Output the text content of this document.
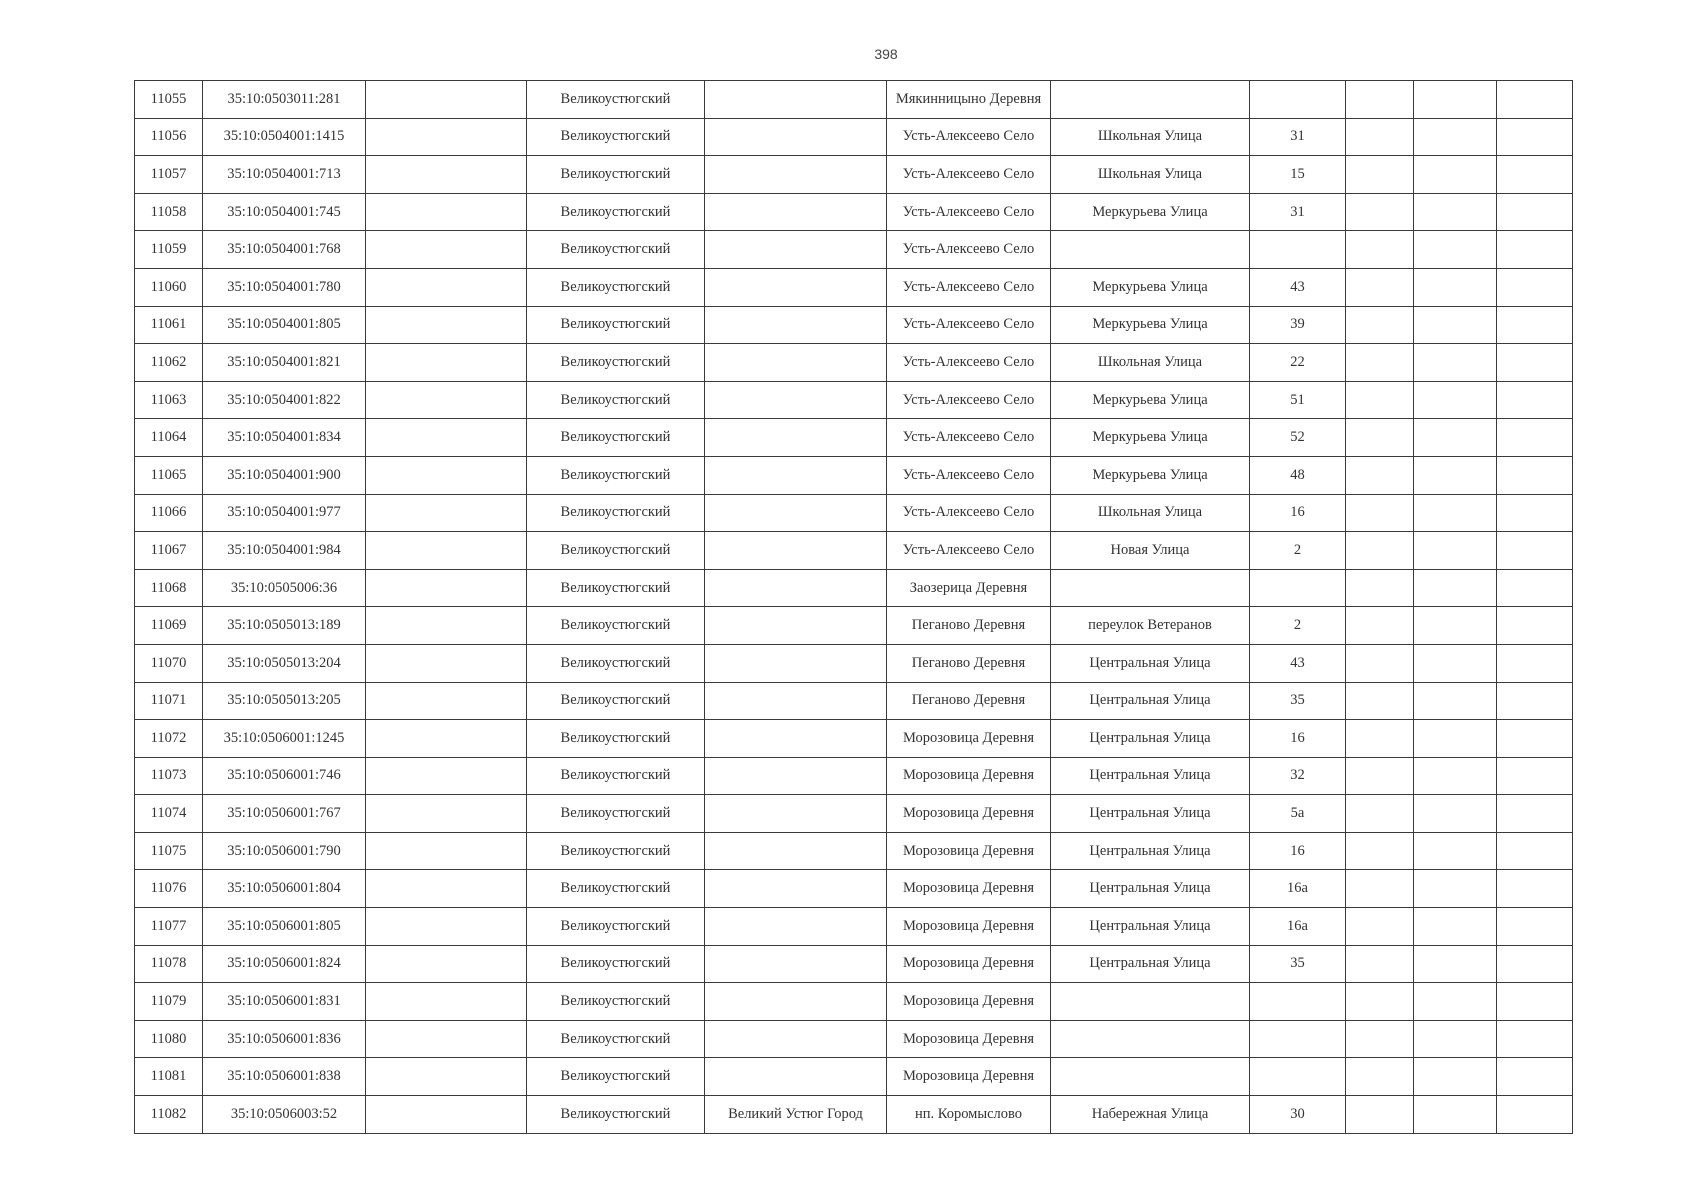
398
11055	35:10:0503011:281		Великоустюгский		Мякинницыно Деревня					
11056	35:10:0504001:1415		Великоустюгский		Усть-Алексеево Село	Школьная Улица	31			
11057	35:10:0504001:713		Великоустюгский		Усть-Алексеево Село	Школьная Улица	15			
11058	35:10:0504001:745		Великоустюгский		Усть-Алексеево Село	Меркурьева Улица	31			
11059	35:10:0504001:768		Великоустюгский		Усть-Алексеево Село					
11060	35:10:0504001:780		Великоустюгский		Усть-Алексеево Село	Меркурьева Улица	43			
11061	35:10:0504001:805		Великоустюгский		Усть-Алексеево Село	Меркурьева Улица	39			
11062	35:10:0504001:821		Великоустюгский		Усть-Алексеево Село	Школьная Улица	22			
11063	35:10:0504001:822		Великоустюгский		Усть-Алексеево Село	Меркурьева Улица	51			
11064	35:10:0504001:834		Великоустюгский		Усть-Алексеево Село	Меркурьева Улица	52			
11065	35:10:0504001:900		Великоустюгский		Усть-Алексеево Село	Меркурьева Улица	48			
11066	35:10:0504001:977		Великоустюгский		Усть-Алексеево Село	Школьная Улица	16			
11067	35:10:0504001:984		Великоустюгский		Усть-Алексеево Село	Новая Улица	2			
11068	35:10:0505006:36		Великоустюгский		Заозерица Деревня					
11069	35:10:0505013:189		Великоустюгский		Пеганово Деревня	переулок Ветеранов	2			
11070	35:10:0505013:204		Великоустюгский		Пеганово Деревня	Центральная Улица	43			
11071	35:10:0505013:205		Великоустюгский		Пеганово Деревня	Центральная Улица	35			
11072	35:10:0506001:1245		Великоустюгский		Морозовица Деревня	Центральная Улица	16			
11073	35:10:0506001:746		Великоустюгский		Морозовица Деревня	Центральная Улица	32			
11074	35:10:0506001:767		Великоустюгский		Морозовица Деревня	Центральная Улица	5а			
11075	35:10:0506001:790		Великоустюгский		Морозовица Деревня	Центральная Улица	16			
11076	35:10:0506001:804		Великоустюгский		Морозовица Деревня	Центральная Улица	16а			
11077	35:10:0506001:805		Великоустюгский		Морозовица Деревня	Центральная Улица	16а			
11078	35:10:0506001:824		Великоустюгский		Морозовица Деревня	Центральная Улица	35			
11079	35:10:0506001:831		Великоустюгский		Морозовица Деревня					
11080	35:10:0506001:836		Великоустюгский		Морозовица Деревня					
11081	35:10:0506001:838		Великоустюгский		Морозовица Деревня					
11082	35:10:0506003:52		Великоустюгский	Великий Устюг Город	нп. Коромыслово	Набережная Улица	30			
